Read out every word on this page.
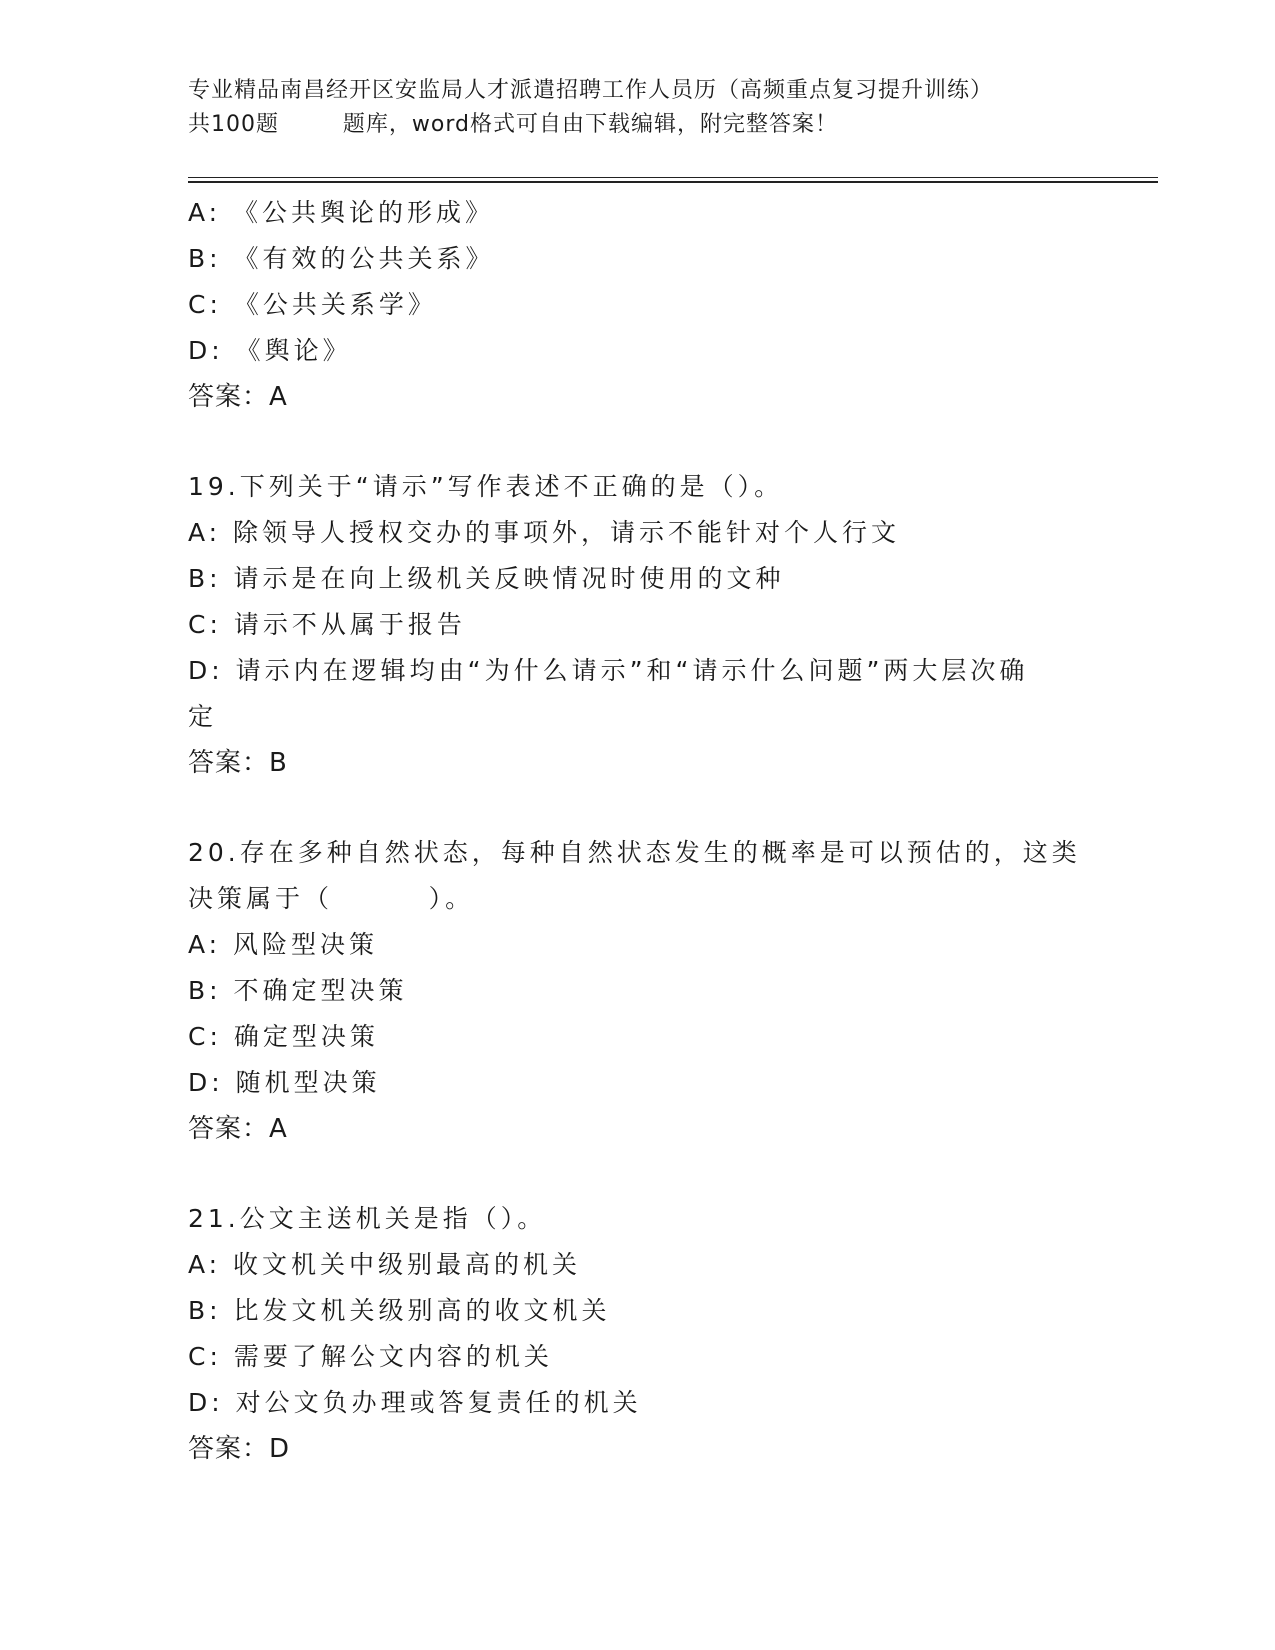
专业精品南昌经开区安监局人才派遣招聘工作人员历（高频重点复习提升训练）
共100题        题库，word格式可自由下载编辑，附完整答案！
A: 《公共舆论的形成》
B: 《有效的公共关系》
C: 《公共关系学》
D: 《舆论》
答案：A
19.下列关于“请示”写作表述不正确的是（）。
A: 除领导人授权交办的事项外，请示不能针对个人行文
B: 请示是在向上级机关反映情况时使用的文种
C: 请示不从属于报告
D: 请示内在逻辑均由“为什么请示”和“请示什么问题”两大层次确
定
答案：B
20.存在多种自然状态，每种自然状态发生的概率是可以预估的，这类
决策属于（        ）。
A: 风险型决策
B: 不确定型决策
C: 确定型决策
D: 随机型决策
答案：A
21.公文主送机关是指（）。
A: 收文机关中级别最高的机关
B: 比发文机关级别高的收文机关
C: 需要了解公文内容的机关
D: 对公文负办理或答复责任的机关
答案：D
